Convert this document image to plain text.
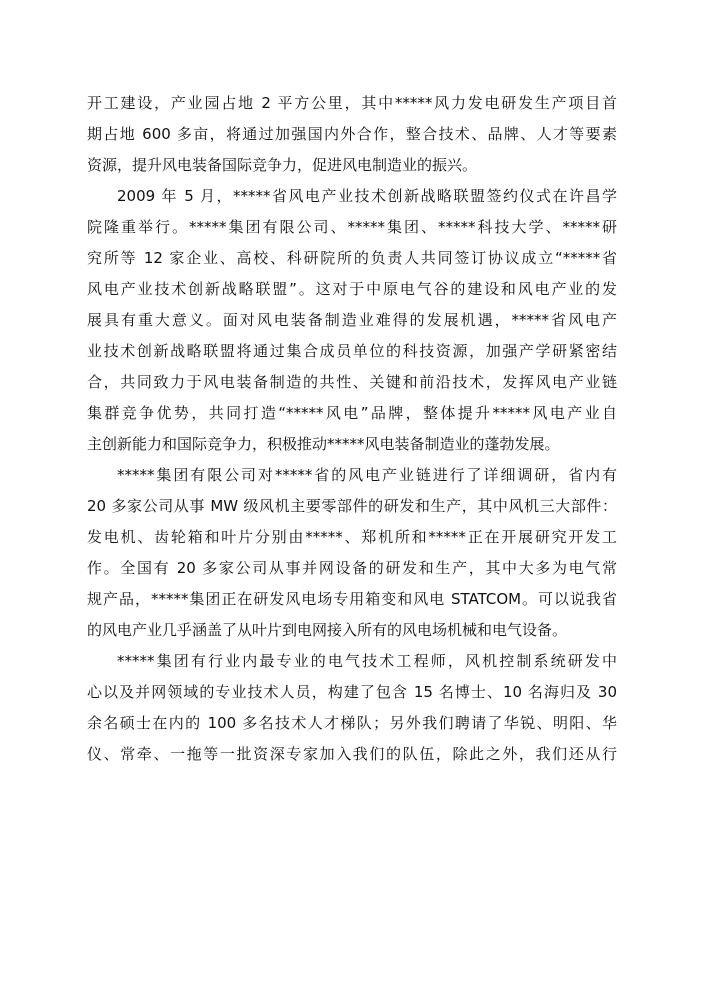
开工建设，产业园占地 2 平方公里，其中*****风力发电研发生产项目首
期占地 600 多亩，将通过加强国内外合作，整合技术、品牌、人才等要素
资源，提升风电装备国际竞争力，促进风电制造业的振兴。
2009 年 5 月，*****省风电产业技术创新战略联盟签约仪式在许昌学
院隆重举行。*****集团有限公司、*****集团、*****科技大学、*****研
究所等 12 家企业、高校、科研院所的负责人共同签订协议成立“*****省
风电产业技术创新战略联盟”。这对于中原电气谷的建设和风电产业的发
展具有重大意义。面对风电装备制造业难得的发展机遇，*****省风电产
业技术创新战略联盟将通过集合成员单位的科技资源，加强产学研紧密结
合，共同致力于风电装备制造的共性、关键和前沿技术，发挥风电产业链
集群竞争优势，共同打造“*****风电”品牌，整体提升*****风电产业自
主创新能力和国际竞争力，积极推动*****风电装备制造业的蓬勃发展。
*****集团有限公司对*****省的风电产业链进行了详细调研，省内有
20 多家公司从事 MW 级风机主要零部件的研发和生产，其中风机三大部件：
发电机、齿轮箱和叶片分别由*****、郑机所和*****正在开展研究开发工
作。全国有 20 多家公司从事并网设备的研发和生产，其中大多为电气常
规产品，*****集团正在研发风电场专用箱变和风电 STATCOM。可以说我省
的风电产业几乎涵盖了从叶片到电网接入所有的风电场机械和电气设备。
*****集团有行业内最专业的电气技术工程师，风机控制系统研发中
心以及并网领域的专业技术人员，构建了包含 15 名博士、10 名海归及 30
余名硕士在内的 100 多名技术人才梯队；另外我们聘请了华锐、明阳、华
仪、常牵、一拖等一批资深专家加入我们的队伍，除此之外，我们还从行
